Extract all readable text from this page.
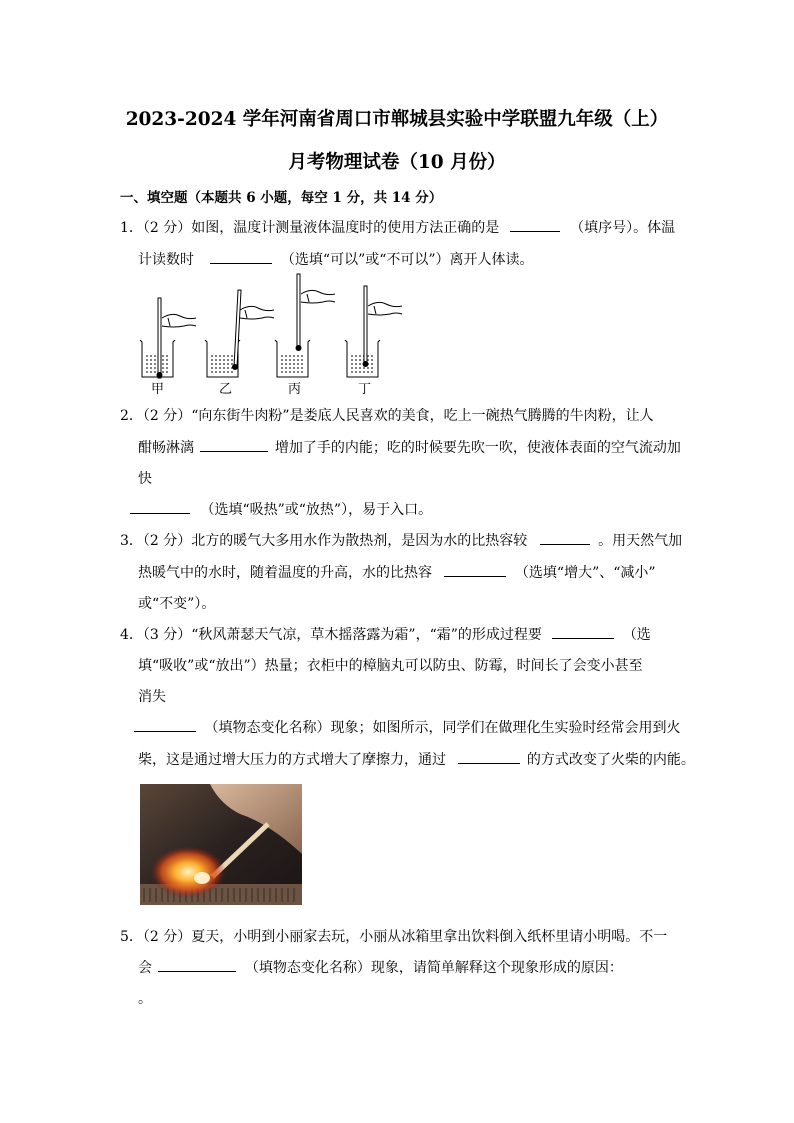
2023-2024 学年河南省周口市郸城县实验中学联盟九年级（上）
月考物理试卷（10 月份）
一、填空题（本题共 6 小题，每空 1 分，共 14 分）
1．（2 分）如图，温度计测量液体温度时的使用方法正确的是	（填序号）。体温
计读数时	（选填“可以”或“不可以”）离开人体读。
甲	乙	丙	丁
2．（2 分）“向东街牛肉粉”是娄底人民喜欢的美食，吃上一碗热气腾腾的牛肉粉，让人
酣畅淋漓	增加了手的内能；吃的时候要先吹一吹，使液体表面的空气流动加
快
（选填“吸热”或“放热”），易于入口。
3．（2 分）北方的暖气大多用水作为散热剂，是因为水的比热容较	。用天然气加
热暖气中的水时，随着温度的升高，水的比热容	（选填“增大”、“减小”
或“不变”）。
4．（3 分）“秋风萧瑟天气凉，草木摇落露为霜”，“霜”的形成过程要	（选
填“吸收”或“放出”）热量；衣柜中的樟脑丸可以防虫、防霉，时间长了会变小甚至
消失
（填物态变化名称）现象；如图所示，同学们在做理化生实验时经常会用到火
柴，这是通过增大压力的方式增大了摩擦力，通过	的方式改变了火柴的内能。
5．（2 分）夏天，小明到小丽家去玩，小丽从冰箱里拿出饮料倒入纸杯里请小明喝。不一
会	（填物态变化名称）现象，请简单解释这个现象形成的原因：
。
